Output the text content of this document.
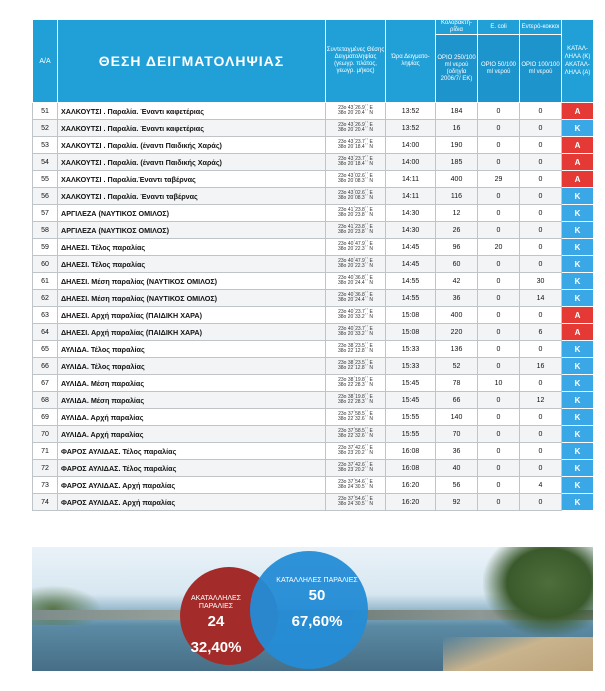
A/A	ΘΕΣΗ ΔΕΙΓΜΑΤΟΛΗΨΙΑΣ	Συντεταγμένες Θέσης Δειγματοληψίας (γεωγρ. πλάτος, γεωγρ. μήκος)	Ώρα Δειγματο-ληψίας	Κολοβακτή-ρίδια	E. coli	Εντερό-κοκκοι	ΚΑΤΑΛ-ΛΗΛΑ (Κ) ΑΚΑΤΑΛ-ΛΗΛΑ (Α)
				ΟΡΙΟ 250/100 ml νερού (οδηγία 2006/7/ ΕΚ)	ΟΡΙΟ 50/100 ml νερού	ΟΡΙΟ 100/100 ml νερού	
51	ΧΑΛΚΟΥΤΣΙ . Παραλία. Έναντι καφετέριας	23o 43΄26.9΄΄ E
38o 20΄20.4΄΄ N	13:52	184	0	0	A
52	ΧΑΛΚΟΥΤΣΙ . Παραλία. Έναντι καφετέριας	23o 43΄26.9΄΄ E
38o 20΄20.4΄΄ N	13:52	16	0	0	K
53	ΧΑΛΚΟΥΤΣΙ . Παραλία. (έναντι Παιδικής Χαράς)	23o 43΄23.7΄΄ E
38o 20΄18.4΄΄ N	14:00	190	0	0	A
54	ΧΑΛΚΟΥΤΣΙ . Παραλία. (έναντι Παιδικής Χαράς)	23o 43΄23.7΄΄ E
38o 20΄18.4΄΄ N	14:00	185	0	0	A
55	ΧΑΛΚΟΥΤΣΙ . Παραλία.Έναντι ταβέρνας	23o 43΄02.6΄΄ E
38o 20΄08.3΄΄ N	14:11	400	29	0	A
56	ΧΑΛΚΟΥΤΣΙ . Παραλία. Έναντι ταβέρνας	23o 43΄02.6΄΄ E
38o 20΄08.3΄΄ N	14:11	116	0	0	K
57	ΑΡΓΙΛΕΖΑ (ΝΑΥΤΙΚΟΣ ΟΜΙΛΟΣ)	23o 41΄23.8΄΄ E
38o 20΄23.8΄΄ N	14:30	12	0	0	K
58	ΑΡΓΙΛΕΖΑ (ΝΑΥΤΙΚΟΣ ΟΜΙΛΟΣ)	23o 41΄23.8΄΄ E
38o 20΄23.8΄΄ N	14:30	26	0	0	K
59	ΔΗΛΕΣΙ. Τέλος παραλίας	23o 40΄47.9΄΄ E
38o 20΄22.3΄΄ N	14:45	96	20	0	K
60	ΔΗΛΕΣΙ. Τέλος παραλίας	23o 40΄47.9΄΄ E
38o 20΄22.3΄΄ N	14:45	60	0	0	K
61	ΔΗΛΕΣΙ. Μέση παραλίας (ΝΑΥΤΙΚΟΣ ΟΜΙΛΟΣ)	23o 40΄36.8΄΄ E
38o 20΄24.4΄΄ N	14:55	42	0	30	K
62	ΔΗΛΕΣΙ. Μέση παραλίας (ΝΑΥΤΙΚΟΣ ΟΜΙΛΟΣ)	23o 40΄36.8΄΄ E
38o 20΄24.4΄΄ N	14:55	36	0	14	K
63	ΔΗΛΕΣΙ. Αρχή παραλίας (ΠΑΙΔΙΚΗ ΧΑΡΑ)	23o 40΄23.7΄΄ E
38o 20΄33.2΄΄ N	15:08	400	0	0	A
64	ΔΗΛΕΣΙ. Αρχή παραλίας (ΠΑΙΔΙΚΗ ΧΑΡΑ)	23o 40΄23.7΄΄ E
38o 20΄33.2΄΄ N	15:08	220	0	6	A
65	ΑΥΛΙΔΑ. Τέλος παραλίας	23o 38΄23.5΄΄ E
38o 22΄12.8΄΄ N	15:33	136	0	0	K
66	ΑΥΛΙΔΑ. Τέλος παραλίας	23o 38΄23.5΄΄ E
38o 22΄12.8΄΄ N	15:33	52	0	16	K
67	ΑΥΛΙΔΑ. Μέση παραλίας	23o 38΄19.8΄΄ E
38o 22΄28.3΄΄ N	15:45	78	10	0	K
68	ΑΥΛΙΔΑ. Μέση παραλίας	23o 38΄19.8΄΄ E
38o 22΄28.3΄΄ N	15:45	66	0	12	K
69	ΑΥΛΙΔΑ. Αρχή παραλίας	23o 37΄58.5΄΄ E
38o 22΄32.6΄΄ N	15:55	140	0	0	K
70	ΑΥΛΙΔΑ. Αρχή παραλίας	23o 37΄58.5΄΄ E
38o 22΄32.6΄΄ N	15:55	70	0	0	K
71	ΦΑΡΟΣ ΑΥΛΙΔΑΣ. Τέλος παραλίας	23o 37΄42.6΄΄ E
38o 23΄20.2΄΄ N	16:08	36	0	0	K
72	ΦΑΡΟΣ ΑΥΛΙΔΑΣ. Τέλος παραλίας	23o 37΄42.6΄΄ E
38o 23΄20.2΄΄ N	16:08	40	0	0	K
73	ΦΑΡΟΣ ΑΥΛΙΔΑΣ. Αρχή παραλίας	23o 37΄54.6΄΄ E
38o 24΄30.5΄΄ N	16:20	56	0	4	K
74	ΦΑΡΟΣ ΑΥΛΙΔΑΣ. Αρχή παραλίας	23o 37΄54.6΄΄ E
38o 24΄30.5΄΄ N	16:20	92	0	0	K
ΑΚΑΤΑΛΛΗΛΕΣ ΠΑΡΑΛΙΕΣ
24
32,40%
ΚΑΤΑΛΛΗΛΕΣ ΠΑΡΑΛΙΕΣ
50
67,60%
